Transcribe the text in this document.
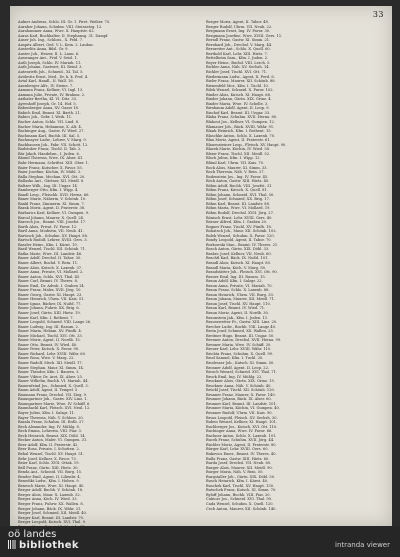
33
Aulner Andreas, Schlo. III. Gr. 1. Piret. Weiber. 70.
Auraber Johann, Schubm. VIII. Steinsetzg. 12.
Aurahammer Anna, Wwe. X. Hauptstr. 62.
Auras Karl, Buchhalter, II. Stephansg. 31. Dampf.
Auser Joh. Ing., Schloss., X. Feld. 7.
Auspitz Albert, Ged. V. L. Kein. 2. Laubac.
Austerlitz Anna, Bilsl. Gr. 9.
Auster Joh., Heizer, II. L. Laun. 6.
Auswanger Ant., Frid. V. Seisl. 1.
Auth Joseph, Schlo. IV. Mariah. 11.
Auth Johann, Gastwirt, III. Reinf. 3.
Autenrieth Joh., Schneid., XI. Tal. 5.
Avidovitz Ernst, Med., Dr. k. k. Prof. 4.
Avtal Karl, Handl., II. Wall. 16.
Axenberger Alfr., IV. Steine. 7.
Axmann Franz, Kellner, VI. Ingl. 13.
Axmann Julie, Private, IV. Brahms. 2.
Axthaler Bertha, Kl. VI. Ditz. 33.
Ayrenhoff Joseph, Gr. 14. Hof. 5.
Babenberger Anna, XV. Gasse 18.
Babich Emil, Beamt. XI. Barth. 21.
Babics Joh., Gebr. I. Weih. 11.
Bacher Anton, Schlo. VII. Lind. 8.
Bacher Maria, Hebamme, X. Alt. 4.
Bachinger Aug., Gastw. IV. Wied. 27.
Bachmann Karl, Buchb. III. Sal. 5.
Bachmayer Ludw., Lehrer, V. Marg. 9.
Backhausen Joh., Fabr. VII. Schott. 12.
Badstuber Franz, Tischl. II. Tab. 2.
Bär Jakob, Handelsm., I. Juden. 6.
Bäuml Theresia, Wwe. IX. Alser. 41.
Bahr Hermann, Schriftst. XIII. Ober. 1.
Baier Franz, Kutscher, X. Favor. 55.
Baier Josefine, Köchin, IV. Mühl. 3.
Balla Stephan, Mechan. XVI. Ott. 20.
Ballasko Ant., Gärtner, XII. Meidl. 8.
Baltzer Wilh., Ing. III. Ungar. 14.
Bamberger Otto, Kfm. I. Wipp. 4.
Bandl Leop., Fleischh. XVII. Herna. 66.
Baner Marie, Näherin, V. Schönb. 10.
Bankl Franz, Zimmerm. XI. Simm. 7.
Barak Moriz, Agent, II. Praterstr. 38.
Barbarics Karl, Kellner, VI. Gumpen. 9.
Barcal Johann, Maurer, X. Quell. 24.
Baresch Jos., Beamt. VIII. Josefst. 17.
Barth Alois, Privat. IV. Favor. 12.
Bartl Anna, Modistin, VII. Neub. 41.
Bartosch Joh., Schuhm. XV. Haupt. 88.
Bartsch Rudolf, Lehrer, XVIII. Gers. 3.
Bassler Heinr., Kfm. I. Kärnt. 19.
Bastl Wenzel, Tischl. XII. Schönb. 71.
Batka Marie, Wwe. III. Landstr. 46.
Bauer Adolf, Drechsl. II. Tabor. 30.
Bauer Albert, Buchd. V. Rein. 11.
Bauer Alois, Kutsch. X. Laxenb. 37.
Bauer Anna, Private, VI. Mollard. 2.
Bauer Anton, Schlo. XVI. Thal. 45.
Bauer Carl, Beamt. IV. Theres. 8.
Bauer Emil, Dr. Advok. I. Graben 14.
Bauer Franz, Maler, XVII. Jörg. 10.
Bauer Georg, Gastw. XI. Haupt. 23.
Bauer Heinrich, Uhrm. VII. Kais. 51.
Bauer Ignaz, Bäcker, IX. Nußd. 77.
Bauer Johann, Fuhrw. XX. Brig. 6.
Bauer Josef, Gärtn. XIII. Hietz. 19.
Bauer Karl, Kfm. I. Rothent. 7.
Bauer Leopold, Schneid. VIII. Lange 26.
Bauer Ludwig, Ing. III. Rasum. 2.
Bauer Maria, Hebam. XV. Fünfh. 4.
Bauer Michael, Tischl. XVI. Ott. 33.
Bauer Moriz, Agent, II. Nordb. 15.
Bauer Otto, Beamt. IV. Wied. 40.
Bauer Peter, Kutsch. X. Favor. 90.
Bauer Richard, Lehr. XVIII. Währ. 60.
Bauer Rosa, Wwe. V. Marg. 22.
Bauer Rudolf, Mech. XII. Meidl. 17.
Bauer Stephan, Maur. XI. Simm. 14.
Bauer Theodor, Kfm. I. Bauern. 3.
Bauer Viktor, Dr. Arzt, IX. Alser. 25.
Bauer Wilhelm, Buchh. VI. Mariah. 44.
Bauernfeind Jos., Schmied, X. Quell. 3.
Baum Adolf, Agent, II. Tempel. 5.
Baumann Franz, Drechsl. VII. Zieg. 9.
Baumgartner Joh., Gastw. XIV. Linz. 1.
Baumgartner Marie, Wwe. IV. Schäff. 6.
Baumhackl Karl, Fleisch. XVI. Neul. 12.
Bayer Julius, Kfm. I. Salzgr. 11.
Bayer Theresia, Näh. V. Schloss. 20.
Bazala Franz, Schuhm. III. Erdb. 27.
Beck Alexander, Ing. IV. Mühlg. 8.
Beck Emma, Lehrerin, VIII. Piar. 3.
Beck Heinrich, Beamt. XIX. Döbl. 14.
Becker Anton, Maler, VI. Gumpen. 31.
Beer Adolf, Kfm. II. Praterstr. 42.
Beer Rosa, Private, I. Schotten. 2.
Behal Wenzel, Tischl. XV. Haupt. 51.
Behr Josef, Kellner, X. Favor. 73.
Beier Karl, Schlo. XVII. Ottak. 19.
Bell Franz, Gärtn. XIII. Hietz. 30.
Benda Ant., Schneid. VII. Burg. 15.
Bender Emil, Agent, II. Lilienbr. 4.
Benedikt Ludw., Kfm. I. Hohen. 9.
Benesch Marie, Wwe. XI. Haupt. 40.
Berger Adolf, Buchb. V. Schönb. 18.
Berger Alois, Maur. X. Laxenb. 52.
Berger Anna, Köch. IV. Wied. 33.
Berger Franz, Fuhrw. XX. Wallen. 8.
Berger Johann, Bäck. IX. Währ. 21.
Berger Josef, Schmied, XII. Meidl. 40.
Berger Karl, Beamt. III. Landstr. 70.
Berger Leopold, Kutsch. XVI. Thal. 9.
Berger Moriz, Agent, II. Tabor. 48.
Berger Rudolf, Uhrm. VII. Neub. 22.
Bergmann Ernst, Ing. IV. Favor. 30.
Bergmann Josefine, Wwe. XVIII. Gers. 11.
Berndl Franz, Gastw. XI. Simm. 21.
Bernhard Joh., Drechsl. V. Marg. 44.
Bernreiter Ant., Schlo. X. Quell. 60.
Berthold Karl, Lehr. XIII. Hietz. 7.
Bettelheim Sam., Kfm. I. Juden. 2.
Beyer Heinr., Buchd. VIII. Lerch. 5.
Bichler Anna, Näh. XV. Sechsh. 14.
Bichler Josef, Tischl. XVI. Ott. 71.
Biedermann Ludw., Agent, II. Ferd. 6.
Bieler Franz, Maurer, XII. Schönb. 88.
Bienenfeld Mor., Kfm. I. Tuchl. 10.
Bilek Wenzel, Schneid. X. Favor. 102.
Binder Alois, Kutsch. XI. Haupt. 66.
Binder Johann, Gärtn. XIX. Grinz. 4.
Binder Maria, Wwe. IV. Schelle. 3.
Birnbaum Adolf, Agent, II. Leop. 9.
Bischof Karl, Beamt. III. Ungar. 33.
Blaha Franz, Schuhm. XVII. Herna. 80.
Blahout Jos., Kellner, VI. Gumpen. 12.
Blamauer Joh., Bäck. XVIII. Währ. 91.
Blank Heinrich, Kfm. I. Rothent. 15.
Blaschke Anton, Schlo. X. Laxenb. 70.
Blau Moriz, Agent, II. Praterstr. 61.
Blauensteiner Leop., Fleisch. XV. Haupt. 90.
Blazek Marie, Köchin, IV. Wied. 58.
Bleier Franz, Tischl. XII. Meidl. 52.
Bloch Julius, Kfm. I. Wipp. 12.
Blüml Karl, Uhrm. VII. Kais. 70.
Bock Alois, Maurer, XI. Simm. 33.
Bock Theresia, Näh. V. Rein. 27.
Bodenstein Jos., Ing. IV. Favor. 45.
Böck Anton, Gastw. XIII. Hietz. 40.
Böhm Adolf, Buchh. VIII. Josefst. 31.
Böhm Franz, Kutsch. X. Quell. 81.
Böhm Johann, Schneid. XVI. Thal. 50.
Böhm Josef, Schmied, XX. Brig. 17.
Böhm Karl, Beamt. III. Landstr. 88.
Böhm Maria, Wwe. VI. Mollard. 19.
Böhm Rudolf, Drechsl. XVII. Jörg. 27.
Bönisch Ernst, Lehr. XVIII. Gers. 40.
Börner Alfred, Kfm. I. Graben 20.
Bogner Franz, Tischl. XV. Fünfh. 18.
Bohatsch Joh., Maur. XII. Schönb. 102.
Bolek Wenzel, Schuhm. X. Favor. 120.
Bondy Leopold, Agent, II. Tabor. 70.
Borkowski Stan., Beamt. IV. Theres. 21.
Bosch Anton, Gärtn. XIX. Döbl. 33.
Brabec Josef, Kellner, VII. Neub. 60.
Brachtl Karl, Bäck. IX. Nußd. 101.
Brandl Alois, Kutsch. XI. Haupt. 80.
Brandl Maria, Köch. V. Marg. 58.
Brandstätter Joh., Fleisch. XVI. Ott. 90.
Brauer Emil, Ing. III. Rasum. 15.
Braun Adolf, Kfm. I. Salzgr. 22.
Braun Anna, Private, VI. Mariah. 70.
Braun Franz, Schlo. X. Laxenb. 88.
Braun Heinrich, Uhrm. VII. Burg. 33.
Braun Johann, Maurer, XII. Meidl. 71.
Braun Josef, Tischl. XV. Haupt. 110.
Braun Karl, Beamt. IV. Wied. 71.
Braun Moriz, Agent, II. Nordb. 30.
Braunstein Jak., Kfm. I. Juden. 11.
Brausewetter Fr., Gastw. XIII. Linz. 20.
Brecher Ludw., Buchb. VIII. Lange 40.
Brein Josef, Schmied, XX. Wallen. 25.
Breitner Hugo, Beamt. III. Ungar. 50.
Brenner Anton, Drechsl. XVII. Herna. 99.
Brenner Maria, Wwe. IV. Schäff. 20.
Breuer Karl, Lehr. XVIII. Währ. 110.
Brichta Franz, Schuhm. X. Quell. 99.
Brod Samuel, Kfm. I. Tuchl. 20.
Brodesser Joh., Kutsch. XI. Simm. 50.
Bronner Adolf, Agent, II. Leop. 22.
Brosch Wenzel, Schneid. XVI. Thal. 71.
Bruck Emil, Ing. IV. Mühlg. 22.
Bruckner Alois, Gärtn. XIX. Grinz. 15.
Bruckner Anna, Näh. V. Schönb. 40.
Brückl Josef, Tischl. XII. Schönb. 120.
Brunner Franz, Maurer, X. Favor. 140.
Brunner Johann, Bäck. IX. Alser. 60.
Brunner Karl, Beamt. III. Landstr. 101.
Brunner Maria, Köchin, VI. Gumpen. 40.
Brunner Rudolf, Uhrm. VII. Kais. 90.
Bruss Leopold, Fleisch. XV. Sechsh. 30.
Buben Wenzel, Kellner, XI. Haupt. 101.
Buchberger Jos., Kutsch. XVI. Ott. 110.
Buchinger Anna, Wwe. IV. Favor. 66.
Buchner Anton, Schlo. X. Laxenb. 101.
Bucek Franz, Schuhm. XVII. Jörg. 44.
Büchler Moriz, Agent, II. Praterstr. 80.
Bürger Karl, Lehr. XVIII. Gers. 60.
Bukovics Emer., Beamt. IV. Theres. 40.
Bulla Franz, Gastw. XIII. Hietz. 60.
Burda Josef, Drechsl. VII. Neub. 80.
Burger Alois, Maurer, XII. Meidl. 90.
Burger Maria, Näh. V. Rein. 50.
Burgstaller Joh., Gärtn. XIX. Döbl. 50.
Busch Heinrich, Kfm. I. Kärnt. 40.
Buschek Karl, Tischl. XV. Haupt. 130.
Butschek Franz, Kutsch. XI. Simm. 70.
Byloff Johann, Buchh. VIII. Piar. 20.
Cabicar Jos., Schneid. XVI. Thal. 90.
Cada Wenzel, Schuhm. X. Quell. 120.
Cech Anton, Maurer, XII. Schönb. 140.
oö landes
bibliothek	intranda viewer
